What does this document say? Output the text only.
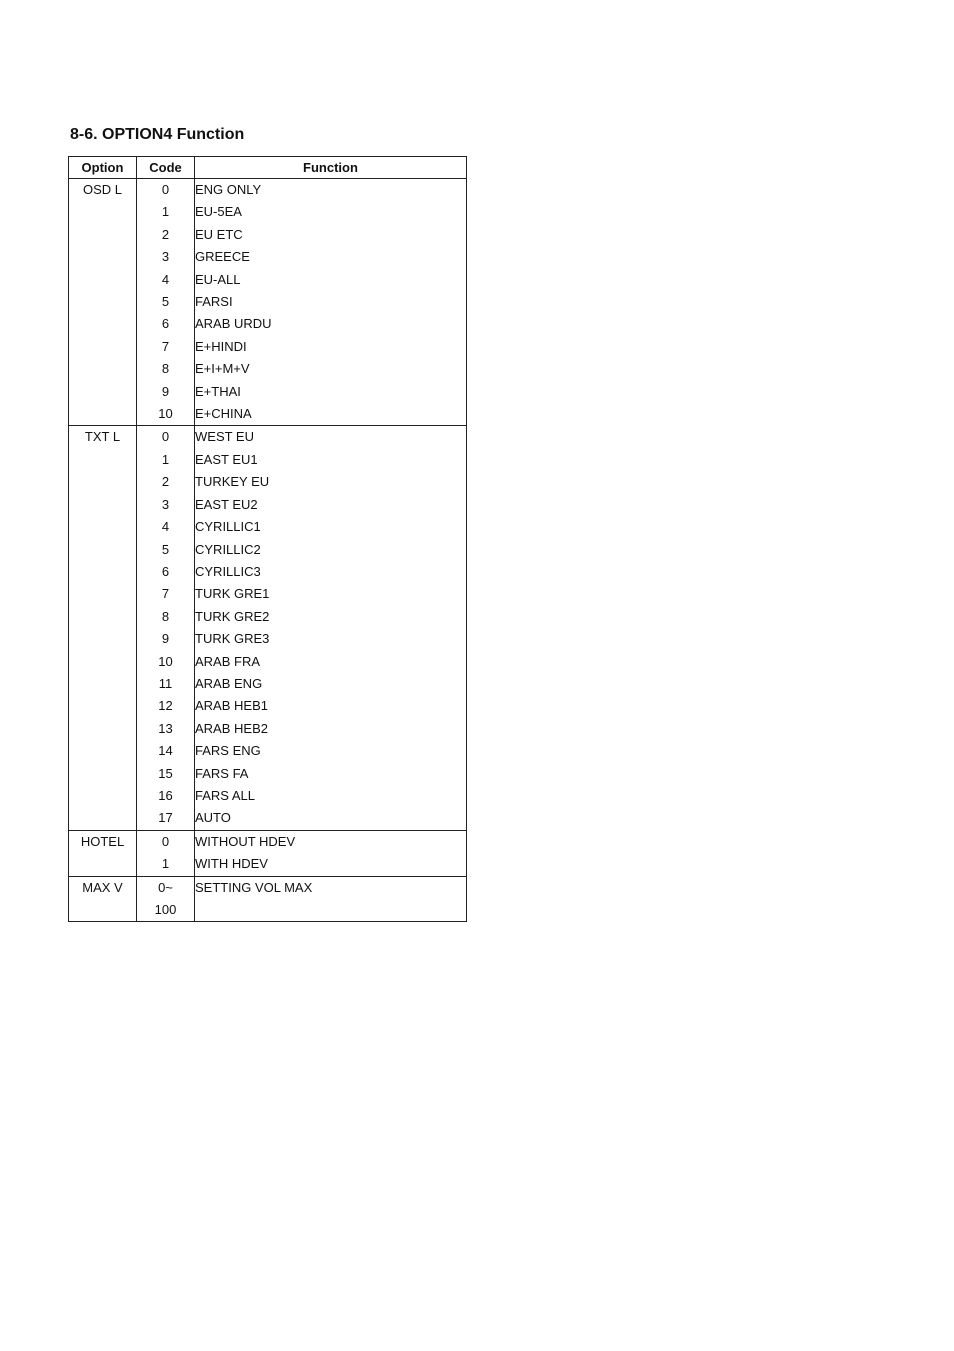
8-6. OPTION4 Function
Option	Code	Function
OSD L	0	ENG ONLY
	1	EU-5EA
	2	EU ETC
	3	GREECE
	4	EU-ALL
	5	FARSI
	6	ARAB URDU
	7	E+HINDI
	8	E+I+M+V
	9	E+THAI
	10	E+CHINA
TXT L	0	WEST EU
	1	EAST EU1
	2	TURKEY EU
	3	EAST EU2
	4	CYRILLIC1
	5	CYRILLIC2
	6	CYRILLIC3
	7	TURK GRE1
	8	TURK GRE2
	9	TURK GRE3
	10	ARAB FRA
	11	ARAB ENG
	12	ARAB HEB1
	13	ARAB HEB2
	14	FARS ENG
	15	FARS FA
	16	FARS ALL
	17	AUTO
HOTEL	0	WITHOUT HDEV
	1	WITH HDEV
MAX V	0~	SETTING VOL MAX
	100	
